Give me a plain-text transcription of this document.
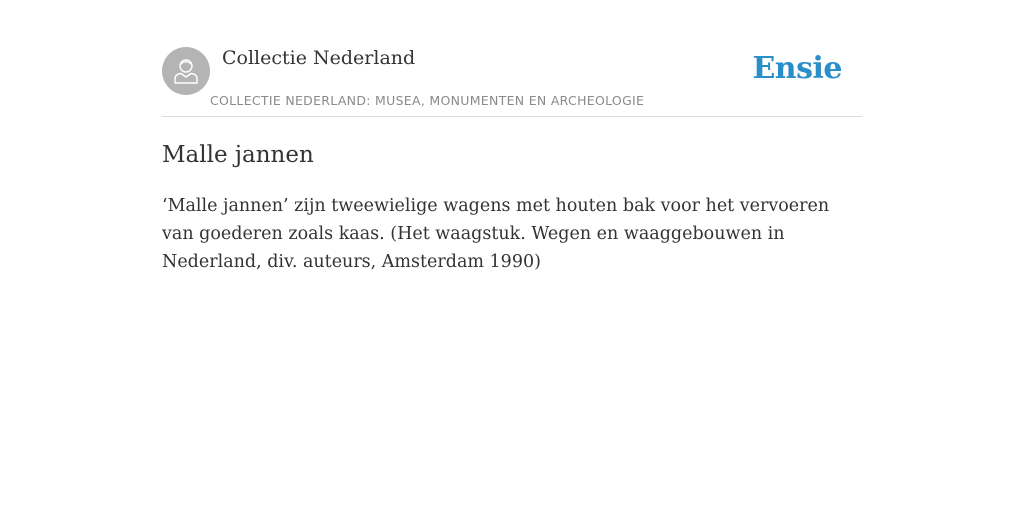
Collectie Nederland
COLLECTIE NEDERLAND: MUSEA, MONUMENTEN EN ARCHEOLOGIE
Ensie
Malle jannen

‘Malle jannen’ zijn tweewielige wagens met houten bak voor het vervoeren van goederen zoals kaas. (Het waagstuk. Wegen en waaggebouwen in Nederland, div. auteurs, Amsterdam 1990)
